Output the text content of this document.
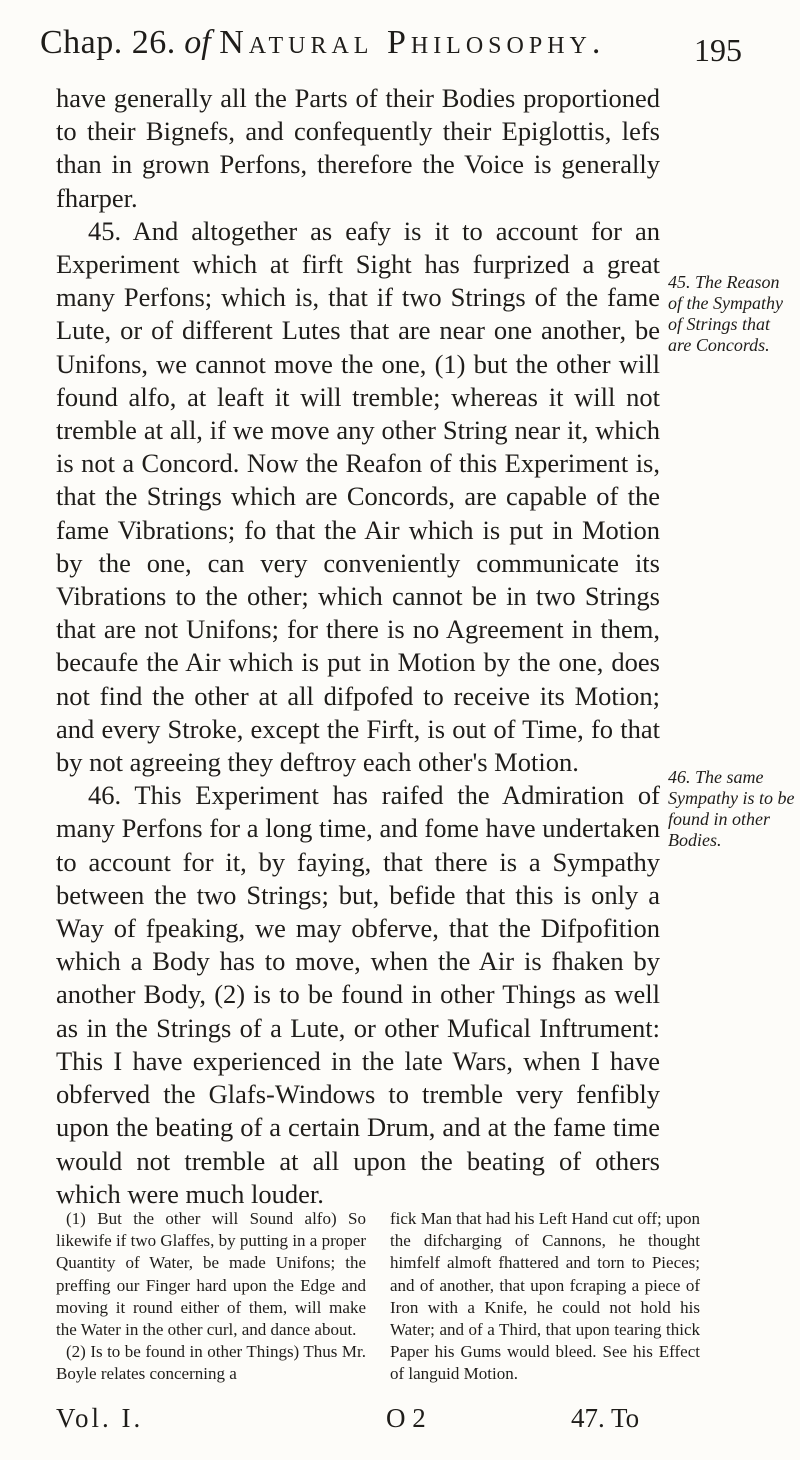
Chap. 26. of Natural Philosophy.	195

have generally all the Parts of their Bodies proportioned to their Bignefs, and confequently their Epiglottis, lefs than in grown Perfons, therefore the Voice is generally fharper.

45. And altogether as eafy is it to account for an Experiment which at firft Sight has furprized a great many Perfons; which is, that if two Strings of the fame Lute, or of different Lutes that are near one another, be Unifons, we cannot move the one, (1) but the other will found alfo, at leaft it will tremble; whereas it will not tremble at all, if we move any other String near it, which is not a Concord. Now the Reafon of this Experiment is, that the Strings which are Concords, are capable of the fame Vibrations; fo that the Air which is put in Motion by the one, can very conveniently communicate its Vibrations to the other; which cannot be in two Strings that are not Unifons; for there is no Agreement in them, becaufe the Air which is put in Motion by the one, does not find the other at all difpofed to receive its Motion; and every Stroke, except the Firft, is out of Time, fo that by not agreeing they deftroy each other's Motion.

46. This Experiment has raifed the Admiration of many Perfons for a long time, and fome have undertaken to account for it, by faying, that there is a Sympathy between the two Strings; but, befide that this is only a Way of fpeaking, we may obferve, that the Difpofition which a Body has to move, when the Air is fhaken by another Body, (2) is to be found in other Things as well as in the Strings of a Lute, or other Mufical Inftrument: This I have experienced in the late Wars, when I have obferved the Glafs-Windows to tremble very fenfibly upon the beating of a certain Drum, and at the fame time would not tremble at all upon the beating of others which were much louder.

45. The Reason of the Sympathy of Strings that are Concords.
46. The same Sympathy is to be found in other Bodies.

(1) But the other will Sound alfo) So likewife if two Glaffes, by putting in a proper Quantity of Water, be made Unifons; the preffing our Finger hard upon the Edge and moving it round either of them, will make the Water in the other curl, and dance about.

(2) Is to be found in other Things) Thus Mr. Boyle relates concerning a

fick Man that had his Left Hand cut off; upon the difcharging of Cannons, he thought himfelf almoft fhattered and torn to Pieces; and of another, that upon fcraping a piece of Iron with a Knife, he could not hold his Water; and of a Third, that upon tearing thick Paper his Gums would bleed. See his Effect of languid Motion.

Vol. I.	O 2	47. To
